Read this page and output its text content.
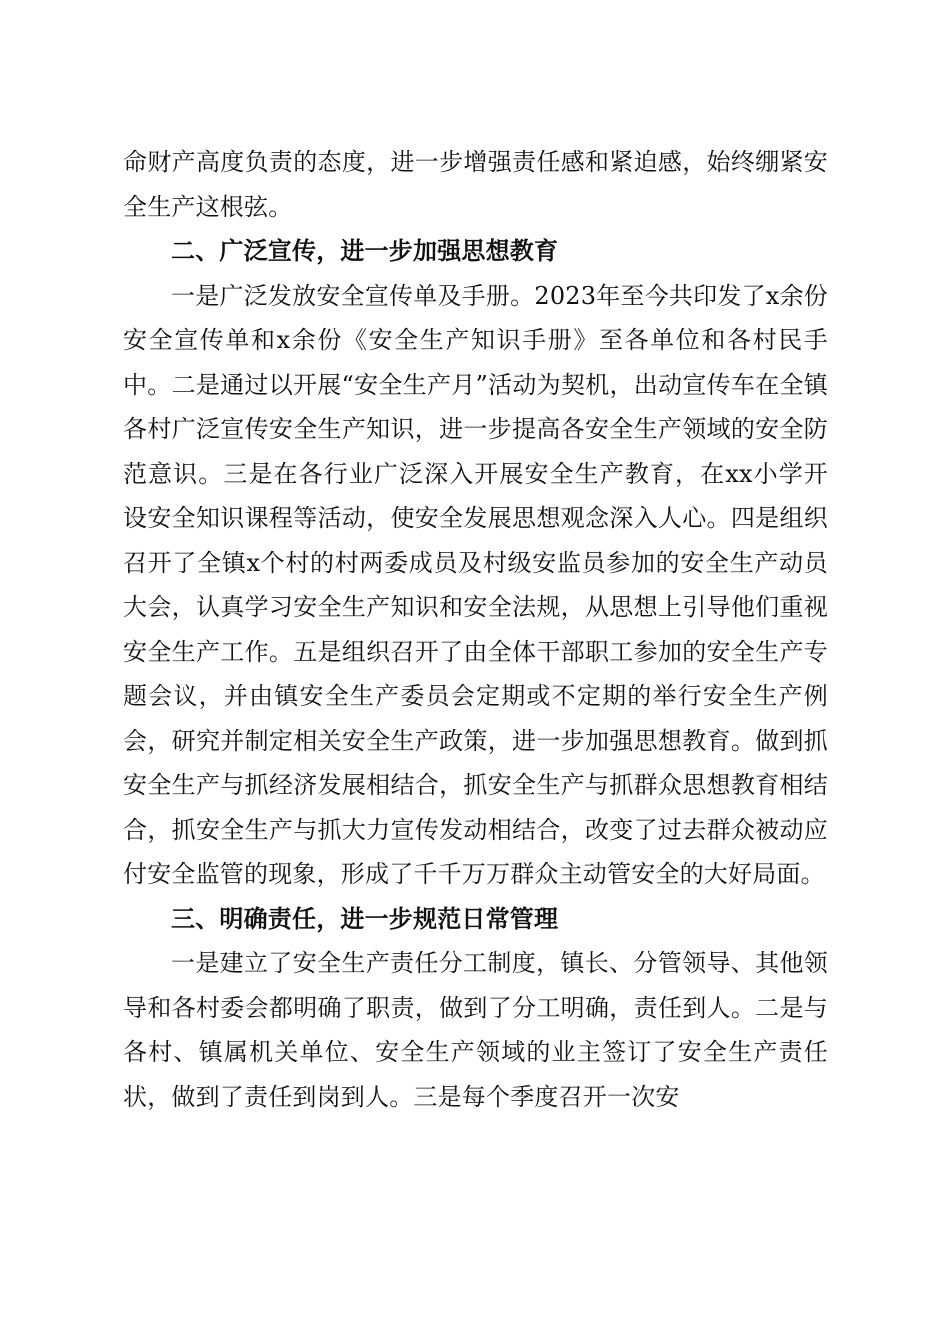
命财产高度负责的态度，进一步增强责任感和紧迫感，始终绷紧安全生产这根弦。

二、广泛宣传，进一步加强思想教育

一是广泛发放安全宣传单及手册。2023年至今共印发了x余份安全宣传单和x余份《安全生产知识手册》至各单位和各村民手中。二是通过以开展“安全生产月”活动为契机，出动宣传车在全镇各村广泛宣传安全生产知识，进一步提高各安全生产领域的安全防范意识。三是在各行业广泛深入开展安全生产教育，在xx小学开设安全知识课程等活动，使安全发展思想观念深入人心。四是组织召开了全镇x个村的村两委成员及村级安监员参加的安全生产动员大会，认真学习安全生产知识和安全法规，从思想上引导他们重视安全生产工作。五是组织召开了由全体干部职工参加的安全生产专题会议，并由镇安全生产委员会定期或不定期的举行安全生产例会，研究并制定相关安全生产政策，进一步加强思想教育。做到抓安全生产与抓经济发展相结合，抓安全生产与抓群众思想教育相结合，抓安全生产与抓大力宣传发动相结合，改变了过去群众被动应付安全监管的现象，形成了千千万万群众主动管安全的大好局面。

三、明确责任，进一步规范日常管理

一是建立了安全生产责任分工制度，镇长、分管领导、其他领导和各村委会都明确了职责，做到了分工明确，责任到人。二是与各村、镇属机关单位、安全生产领域的业主签订了安全生产责任状，做到了责任到岗到人。三是每个季度召开一次安
